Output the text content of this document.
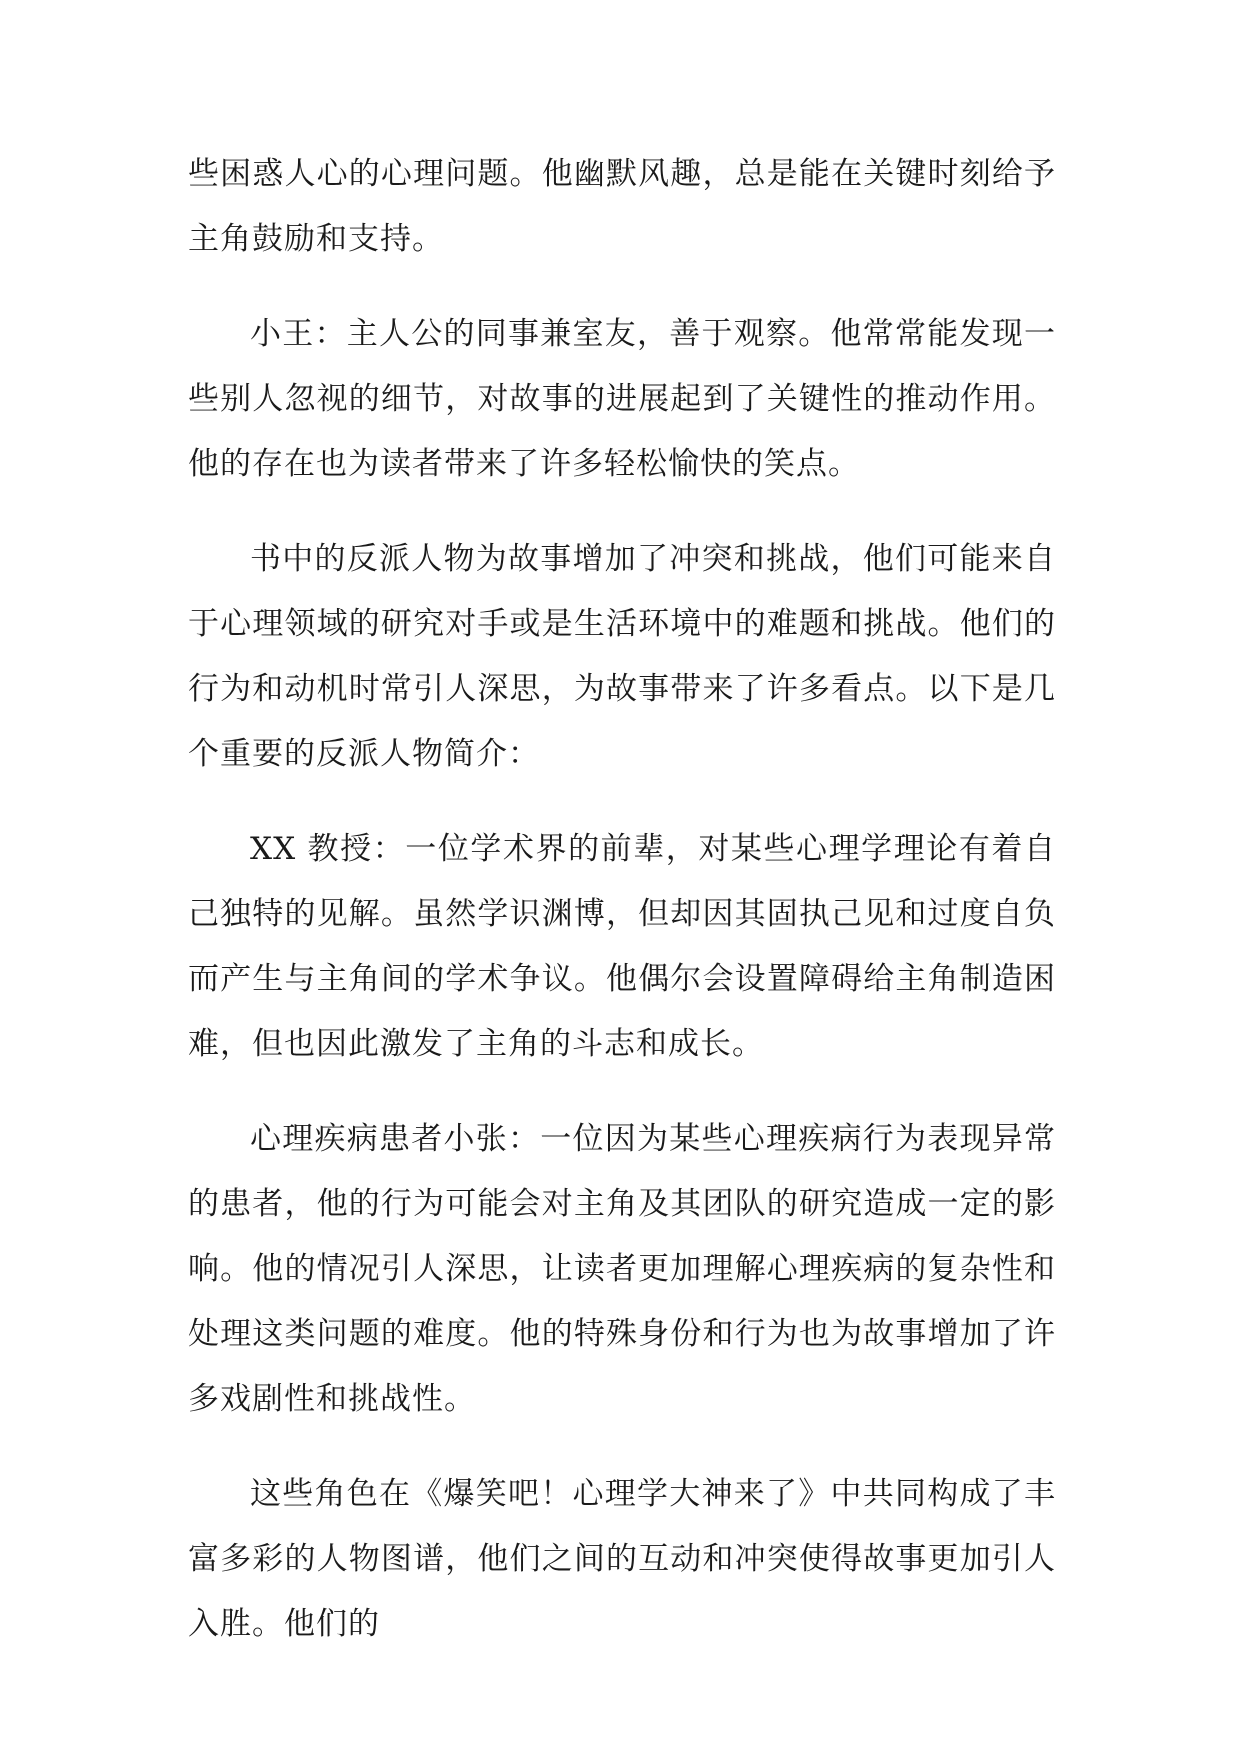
些困惑人心的心理问题。他幽默风趣，总是能在关键时刻给予主角鼓励和支持。

小王：主人公的同事兼室友，善于观察。他常常能发现一些别人忽视的细节，对故事的进展起到了关键性的推动作用。他的存在也为读者带来了许多轻松愉快的笑点。

书中的反派人物为故事增加了冲突和挑战，他们可能来自于心理领域的研究对手或是生活环境中的难题和挑战。他们的行为和动机时常引人深思，为故事带来了许多看点。以下是几个重要的反派人物简介：

XX 教授：一位学术界的前辈，对某些心理学理论有着自己独特的见解。虽然学识渊博，但却因其固执己见和过度自负而产生与主角间的学术争议。他偶尔会设置障碍给主角制造困难，但也因此激发了主角的斗志和成长。

心理疾病患者小张：一位因为某些心理疾病行为表现异常的患者，他的行为可能会对主角及其团队的研究造成一定的影响。他的情况引人深思，让读者更加理解心理疾病的复杂性和处理这类问题的难度。他的特殊身份和行为也为故事增加了许多戏剧性和挑战性。

这些角色在《爆笑吧！心理学大神来了》中共同构成了丰富多彩的人物图谱，他们之间的互动和冲突使得故事更加引人入胜。他们的
